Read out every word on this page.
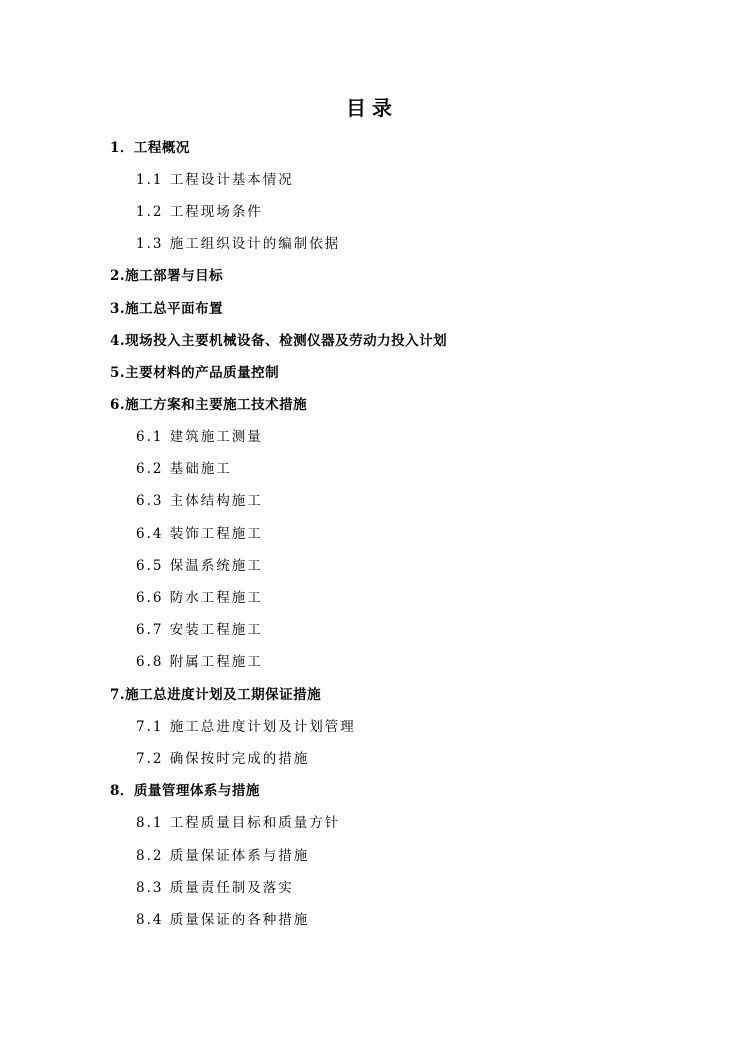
目录
1．工程概况
1.1 工程设计基本情况
1.2 工程现场条件
1.3 施工组织设计的编制依据
2.施工部署与目标
3.施工总平面布置
4.现场投入主要机械设备、检测仪器及劳动力投入计划
5.主要材料的产品质量控制
6.施工方案和主要施工技术措施
6.1 建筑施工测量
6.2 基础施工
6.3 主体结构施工
6.4 装饰工程施工
6.5 保温系统施工
6.6 防水工程施工
6.7 安装工程施工
6.8 附属工程施工
7.施工总进度计划及工期保证措施
7.1 施工总进度计划及计划管理
7.2 确保按时完成的措施
8．质量管理体系与措施
8.1 工程质量目标和质量方针
8.2 质量保证体系与措施
8.3 质量责任制及落实
8.4 质量保证的各种措施
